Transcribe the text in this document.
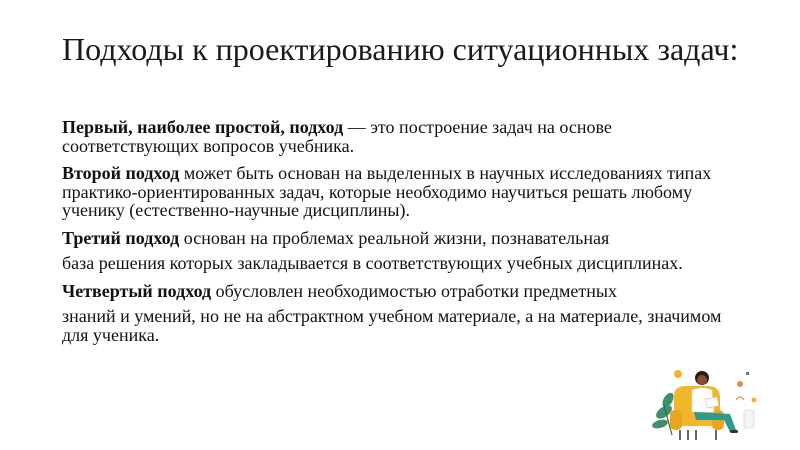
Подходы к проектированию ситуационных задач:

Первый, наиболее простой, подход — это построение задач на основе соответствующих вопросов учебника.

Второй подход может быть основан на выделенных в научных исследованиях типах практико-ориентированных задач, которые необходимо научиться решать любому ученику (естественно-научные дисциплины).

Третий подход основан на проблемах реальной жизни, познавательная
база решения которых закладывается в соответствующих учебных дисциплинах.

Четвертый подход обусловлен необходимостью отработки предметных
знаний и умений, но не на абстрактном учебном материале, а на материале, значимом для ученика.
